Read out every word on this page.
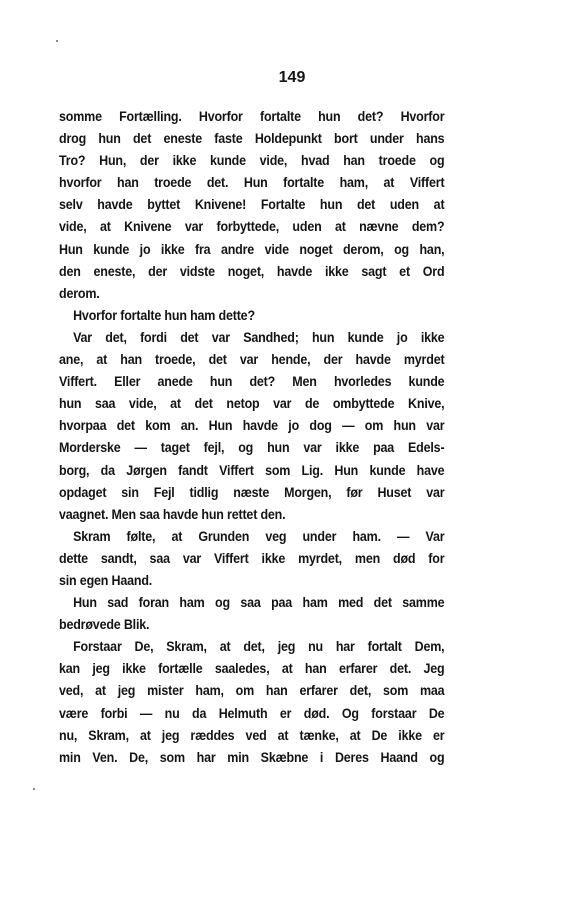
149
somme Fortælling. Hvorfor fortalte hun det? Hvorfor
drog hun det eneste faste Holdepunkt bort under hans
Tro? Hun, der ikke kunde vide, hvad han troede og
hvorfor han troede det. Hun fortalte ham, at Viffert
selv havde byttet Knivene! Fortalte hun det uden at
vide, at Knivene var forbyttede, uden at nævne dem?
Hun kunde jo ikke fra andre vide noget derom, og han,
den eneste, der vidste noget, havde ikke sagt et Ord
derom.
Hvorfor fortalte hun ham dette?
Var det, fordi det var Sandhed; hun kunde jo ikke
ane, at han troede, det var hende, der havde myrdet
Viffert. Eller anede hun det? Men hvorledes kunde
hun saa vide, at det netop var de ombyttede Knive,
hvorpaa det kom an. Hun havde jo dog — om hun var
Morderske — taget fejl, og hun var ikke paa Edels-
borg, da Jørgen fandt Viffert som Lig. Hun kunde have
opdaget sin Fejl tidlig næste Morgen, før Huset var
vaagnet. Men saa havde hun rettet den.
Skram følte, at Grunden veg under ham. — Var
dette sandt, saa var Viffert ikke myrdet, men død for
sin egen Haand.
Hun sad foran ham og saa paa ham med det samme
bedrøvede Blik.
Forstaar De, Skram, at det, jeg nu har fortalt Dem,
kan jeg ikke fortælle saaledes, at han erfarer det. Jeg
ved, at jeg mister ham, om han erfarer det, som maa
være forbi — nu da Helmuth er død. Og forstaar De
nu, Skram, at jeg ræddes ved at tænke, at De ikke er
min Ven. De, som har min Skæbne i Deres Haand og
